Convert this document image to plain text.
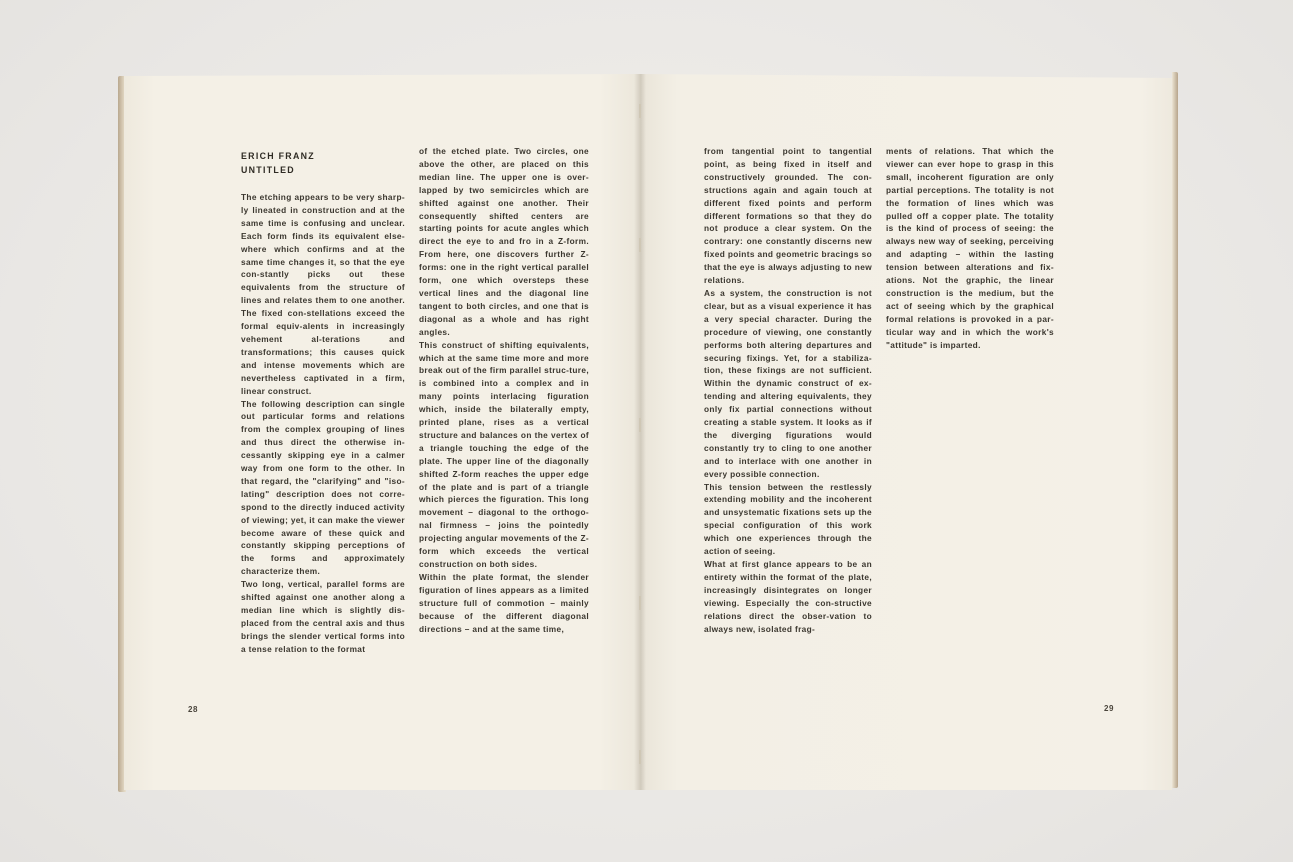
ERICH FRANZ

UNTITLED

The etching appears to be very sharp-ly lineated in construction and at the same time is confusing and unclear. Each form finds its equivalent else-where which confirms and at the same time changes it, so that the eye con-stantly picks out these equivalents from the structure of lines and relates them to one another. The fixed con-stellations exceed the formal equiv-alents in increasingly vehement al-terations and transformations; this causes quick and intense movements which are nevertheless captivated in a firm, linear construct.

The following description can single out particular forms and relations from the complex grouping of lines and thus direct the otherwise in-cessantly skipping eye in a calmer way from one form to the other. In that regard, the "clarifying" and "iso-lating" description does not corre-spond to the directly induced activity of viewing; yet, it can make the viewer become aware of these quick and constantly skipping perceptions of the forms and approximately characterize them.

Two long, vertical, parallel forms are shifted against one another along a median line which is slightly dis-placed from the central axis and thus brings the slender vertical forms into a tense relation to the format

of the etched plate. Two circles, one above the other, are placed on this median line. The upper one is over-lapped by two semicircles which are shifted against one another. Their consequently shifted centers are starting points for acute angles which direct the eye to and fro in a Z-form. From here, one discovers further Z-forms: one in the right vertical parallel form, one which oversteps these vertical lines and the diagonal line tangent to both circles, and one that is diagonal as a whole and has right angles.

This construct of shifting equivalents, which at the same time more and more break out of the firm parallel struc-ture, is combined into a complex and in many points interlacing figuration which, inside the bilaterally empty, printed plane, rises as a vertical structure and balances on the vertex of a triangle touching the edge of the plate. The upper line of the diagonally shifted Z-form reaches the upper edge of the plate and is part of a triangle which pierces the figuration. This long movement – diagonal to the orthogo-nal firmness – joins the pointedly projecting angular movements of the Z-form which exceeds the vertical construction on both sides.

Within the plate format, the slender figuration of lines appears as a limited structure full of commotion – mainly because of the different diagonal directions – and at the same time,

28

from tangential point to tangential point, as being fixed in itself and constructively grounded. The con-structions again and again touch at different fixed points and perform different formations so that they do not produce a clear system. On the contrary: one constantly discerns new fixed points and geometric bracings so that the eye is always adjusting to new relations.

As a system, the construction is not clear, but as a visual experience it has a very special character. During the procedure of viewing, one constantly performs both altering departures and securing fixings. Yet, for a stabiliza-tion, these fixings are not sufficient. Within the dynamic construct of ex-tending and altering equivalents, they only fix partial connections without creating a stable system. It looks as if the diverging figurations would constantly try to cling to one another and to interlace with one another in every possible connection.

This tension between the restlessly extending mobility and the incoherent and unsystematic fixations sets up the special configuration of this work which one experiences through the action of seeing.

What at first glance appears to be an entirety within the format of the plate, increasingly disintegrates on longer viewing. Especially the con-structive relations direct the obser-vation to always new, isolated frag-

ments of relations. That which the viewer can ever hope to grasp in this small, incoherent figuration are only partial perceptions. The totality is not the formation of lines which was pulled off a copper plate. The totality is the kind of process of seeing: the always new way of seeking, perceiving and adapting – within the lasting tension between alterations and fix-ations. Not the graphic, the linear construction is the medium, but the act of seeing which by the graphical formal relations is provoked in a par-ticular way and in which the work's "attitude" is imparted.

29
